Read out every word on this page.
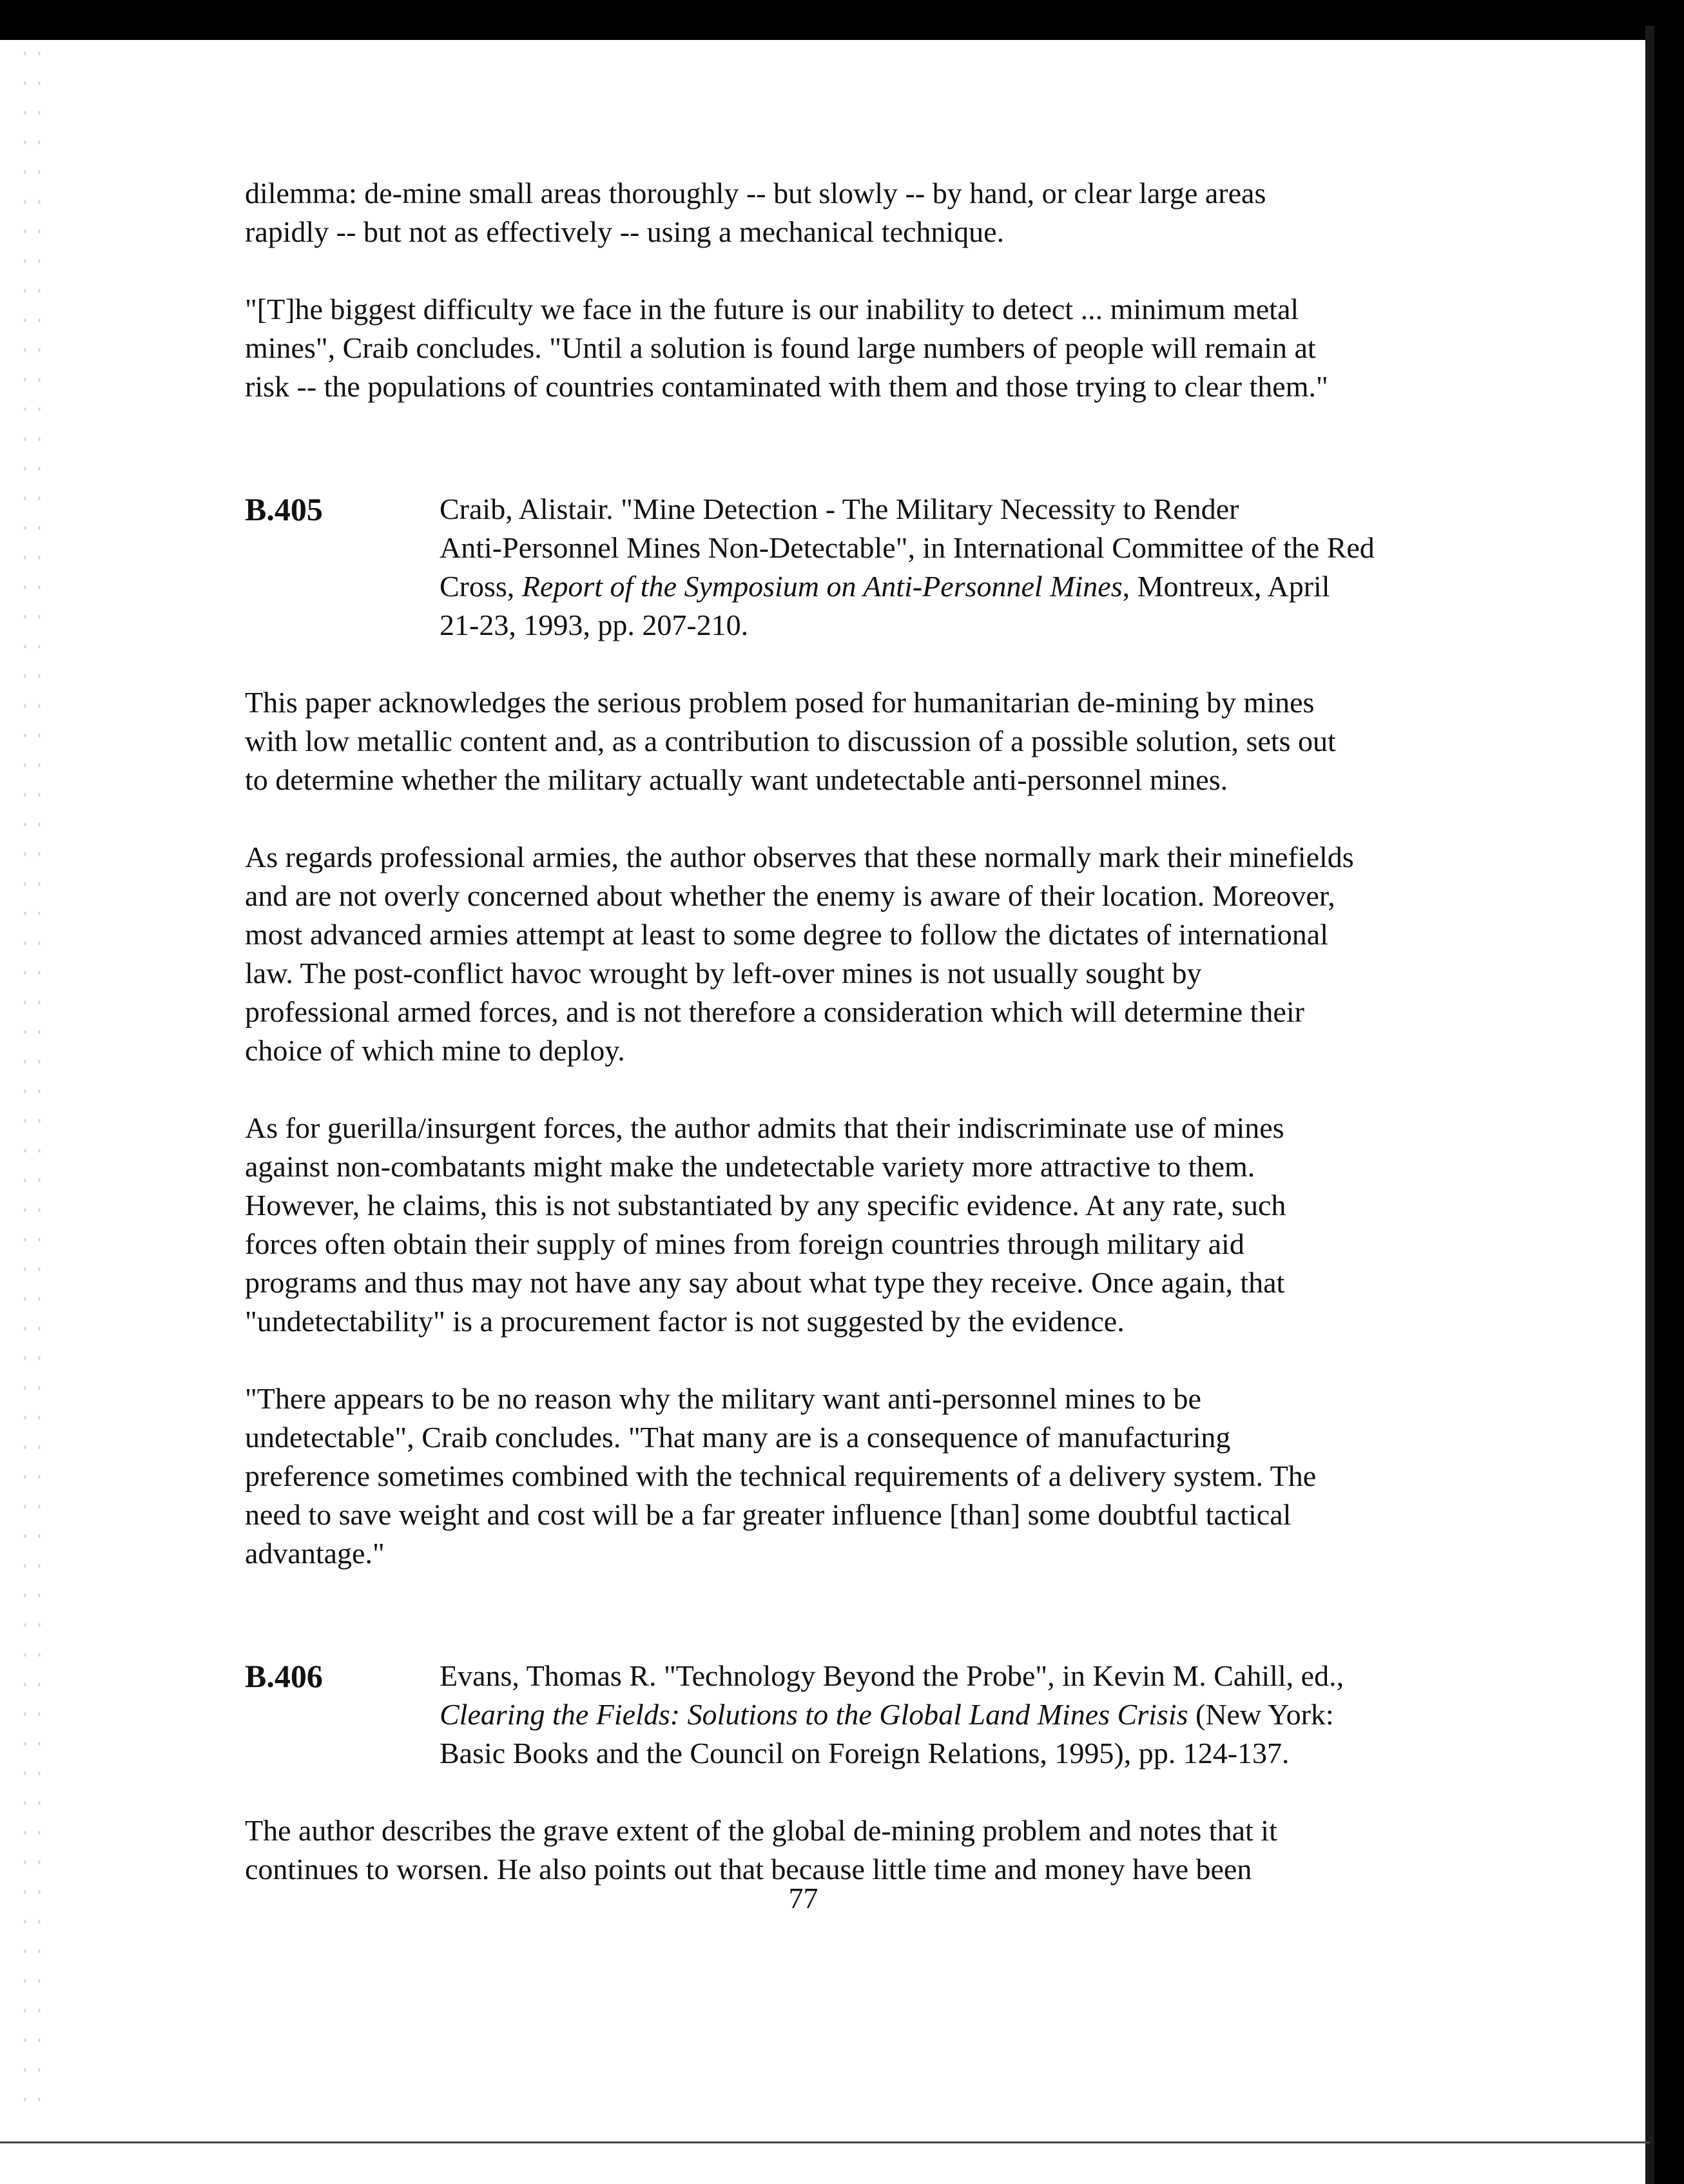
dilemma: de-mine small areas thoroughly -- but slowly -- by hand, or clear large areas
rapidly -- but not as effectively -- using a mechanical technique.

"[T]he biggest difficulty we face in the future is our inability to detect ... minimum metal
mines", Craib concludes. "Until a solution is found large numbers of people will remain at
risk -- the populations of countries contaminated with them and those trying to clear them."

B.405	Craib, Alistair. "Mine Detection - The Military Necessity to Render
Anti-Personnel Mines Non-Detectable", in International Committee of the Red
Cross, Report of the Symposium on Anti-Personnel Mines, Montreux, April
21-23, 1993, pp. 207-210.

This paper acknowledges the serious problem posed for humanitarian de-mining by mines
with low metallic content and, as a contribution to discussion of a possible solution, sets out
to determine whether the military actually want undetectable anti-personnel mines.

As regards professional armies, the author observes that these normally mark their minefields
and are not overly concerned about whether the enemy is aware of their location. Moreover,
most advanced armies attempt at least to some degree to follow the dictates of international
law. The post-conflict havoc wrought by left-over mines is not usually sought by
professional armed forces, and is not therefore a consideration which will determine their
choice of which mine to deploy.

As for guerilla/insurgent forces, the author admits that their indiscriminate use of mines
against non-combatants might make the undetectable variety more attractive to them.
However, he claims, this is not substantiated by any specific evidence. At any rate, such
forces often obtain their supply of mines from foreign countries through military aid
programs and thus may not have any say about what type they receive. Once again, that
"undetectability" is a procurement factor is not suggested by the evidence.

"There appears to be no reason why the military want anti-personnel mines to be
undetectable", Craib concludes. "That many are is a consequence of manufacturing
preference sometimes combined with the technical requirements of a delivery system. The
need to save weight and cost will be a far greater influence [than] some doubtful tactical
advantage."

B.406	Evans, Thomas R. "Technology Beyond the Probe", in Kevin M. Cahill, ed.,
Clearing the Fields: Solutions to the Global Land Mines Crisis (New York:
Basic Books and the Council on Foreign Relations, 1995), pp. 124-137.

The author describes the grave extent of the global de-mining problem and notes that it
continues to worsen. He also points out that because little time and money have been

77
